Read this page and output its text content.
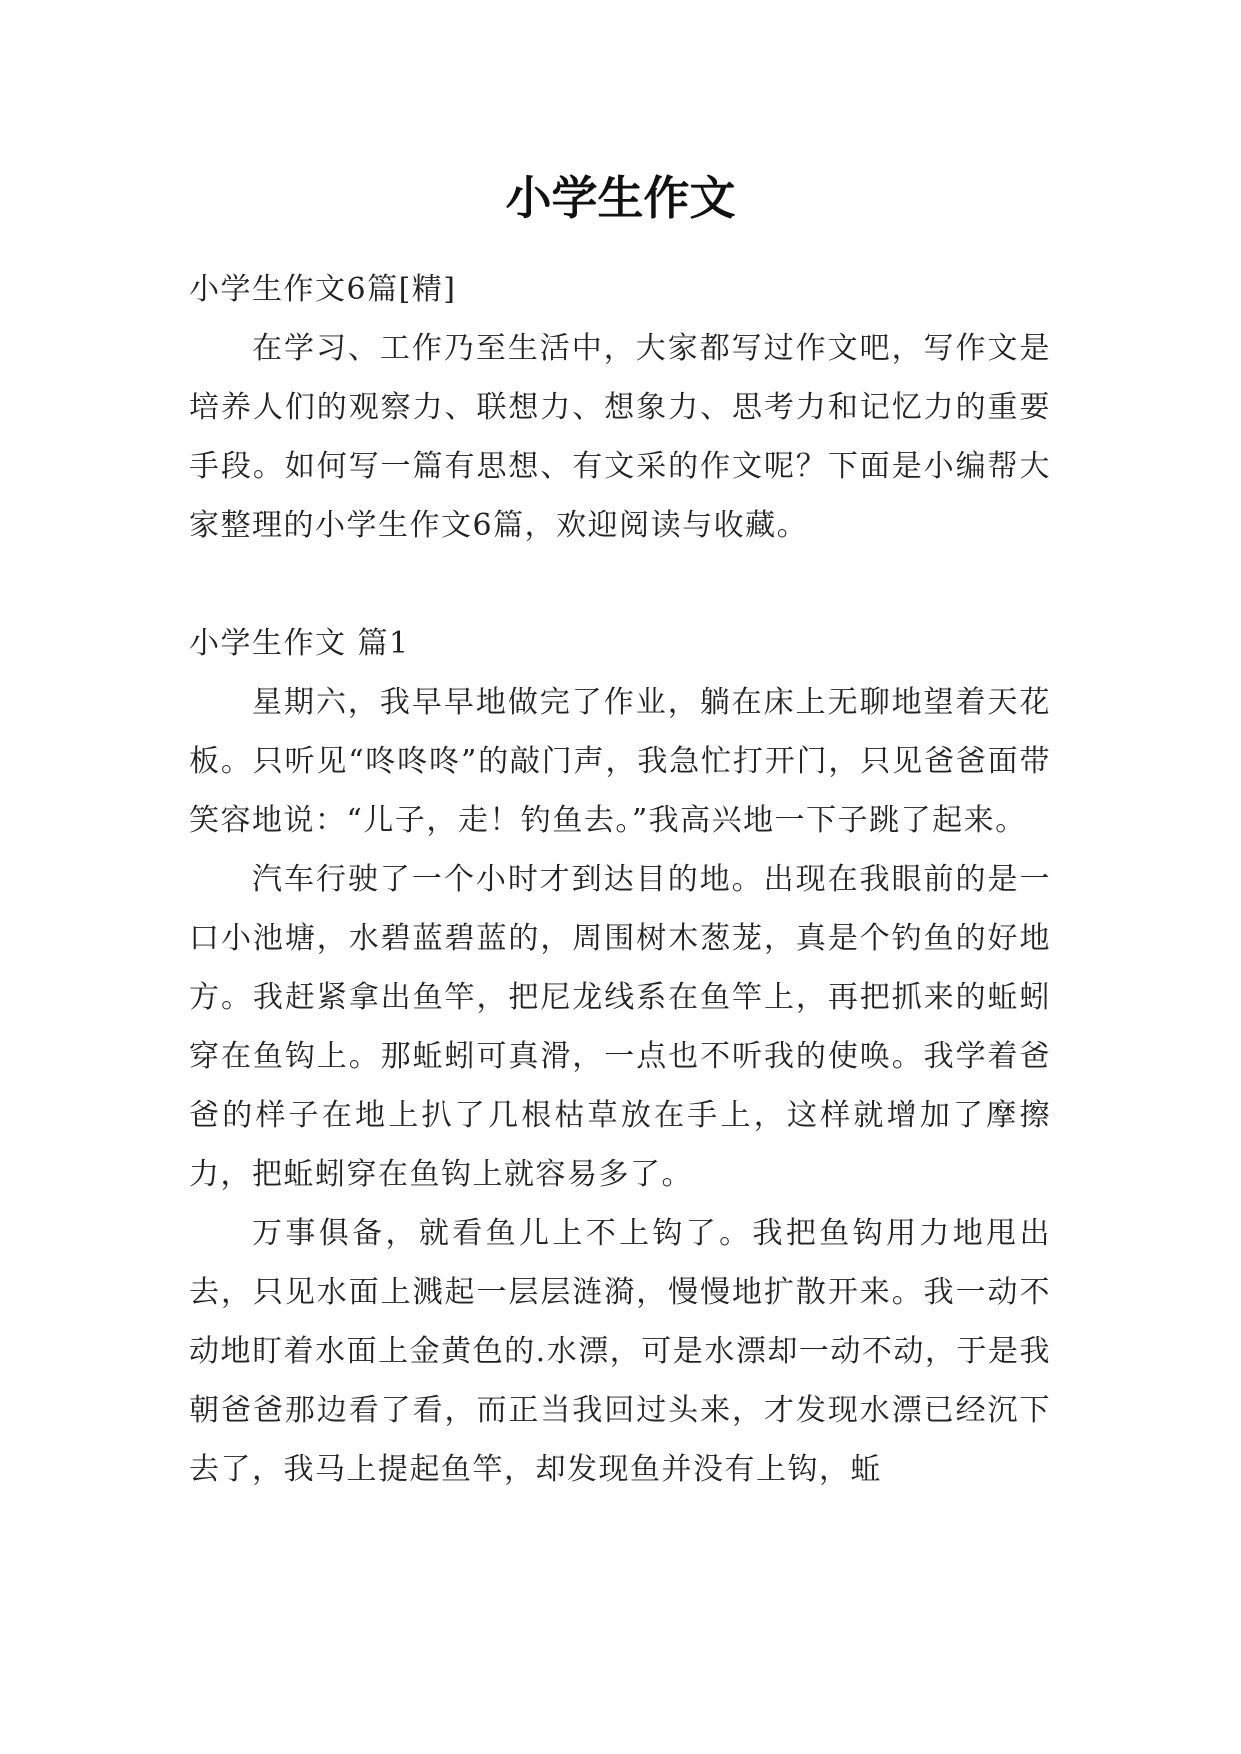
小学生作文

小学生作文6篇[精]

在学习、工作乃至生活中，大家都写过作文吧，写作文是培养人们的观察力、联想力、想象力、思考力和记忆力的重要手段。如何写一篇有思想、有文采的作文呢？下面是小编帮大家整理的小学生作文6篇，欢迎阅读与收藏。

小学生作文 篇1

星期六，我早早地做完了作业，躺在床上无聊地望着天花板。只听见“咚咚咚”的敲门声，我急忙打开门，只见爸爸面带笑容地说：“儿子，走！钓鱼去。”我高兴地一下子跳了起来。

汽车行驶了一个小时才到达目的地。出现在我眼前的是一口小池塘，水碧蓝碧蓝的，周围树木葱茏，真是个钓鱼的好地方。我赶紧拿出鱼竿，把尼龙线系在鱼竿上，再把抓来的蚯蚓穿在鱼钩上。那蚯蚓可真滑，一点也不听我的使唤。我学着爸爸的样子在地上扒了几根枯草放在手上，这样就增加了摩擦力，把蚯蚓穿在鱼钩上就容易多了。

万事俱备，就看鱼儿上不上钩了。我把鱼钩用力地甩出去，只见水面上溅起一层层涟漪，慢慢地扩散开来。我一动不动地盯着水面上金黄色的.水漂，可是水漂却一动不动，于是我朝爸爸那边看了看，而正当我回过头来，才发现水漂已经沉下去了，我马上提起鱼竿，却发现鱼并没有上钩，蚯
